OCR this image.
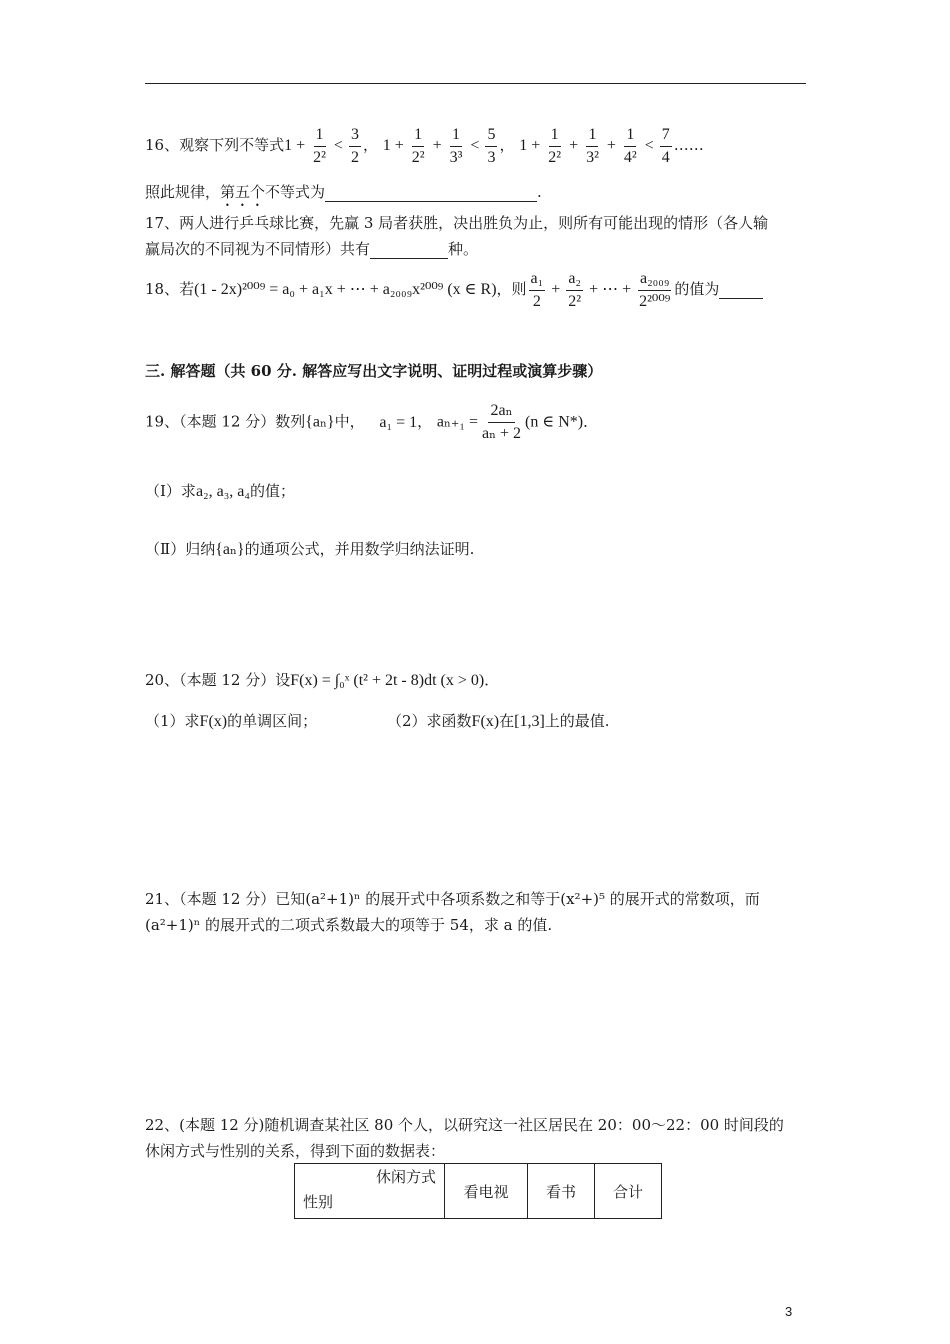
16、观察下列不等式$1 + \frac{1}{\text{2²}} < \frac{3}{2}$ ， $1 + \frac{1}{\text{2²}} + \frac{1}{\text{3³}} < \frac{5}{3}$ ， $1 + \frac{1}{\text{2²}} + \frac{1}{\text{3²}} + \frac{1}{\text{4²}} < \frac{7}{4}$ ……
照此规律，第五个不等式为	.
17、两人进行乒乓球比赛，先赢 3 局者获胜，决出胜负为止，则所有可能出现的情形（各人输
赢局次的不同视为不同情形）共有	种。
18、若(1 - 2x)²⁰⁰⁹ = a₀ + a₁x + ⋯ + a₂₀₀₉x²⁰⁰⁹ (x ∈ R)，则 $\frac{\text{a₁}}{2} + \frac{\text{a₂}}{\text{2²}}$ + ⋯ + $\frac{\text{a₂₀₀₉}}{\text{2²⁰⁰⁹}}$ 的值为
三. 解答题（共 60 分. 解答应写出文字说明、证明过程或演算步骤）
19、（本题 12 分）数列{aₙ}中， a₁ = 1， $a_{n+1} = \frac{\text{2aₙ}}{\text{aₙ + 2}} (n$ ∈ N*)．
（Ⅰ）求a₂, a₃, a₄的值；
（Ⅱ）归纳{aₙ}的通项公式，并用数学归纳法证明.
20、（本题 12 分）设F(x) = ∫₀ˣ (t² + 2t - 8)dt (x > 0)．
（1）求F(x)的单调区间；	（2）求函数F(x)在[1,3]上的最值.
21、（本题 12 分）已知(a²+1)ⁿ 的展开式中各项系数之和等于(x²+)⁵ 的展开式的常数项，而
(a²+1)ⁿ 的展开式的二项式系数最大的项等于 54，求 a 的值.
22、(本题 12 分)随机调查某社区 80 个人，以研究这一社区居民在 20：00～22：00 时间段的
休闲方式与性别的关系，得到下面的数据表：
休闲方式
性别
	看电视	看书	合计
3
